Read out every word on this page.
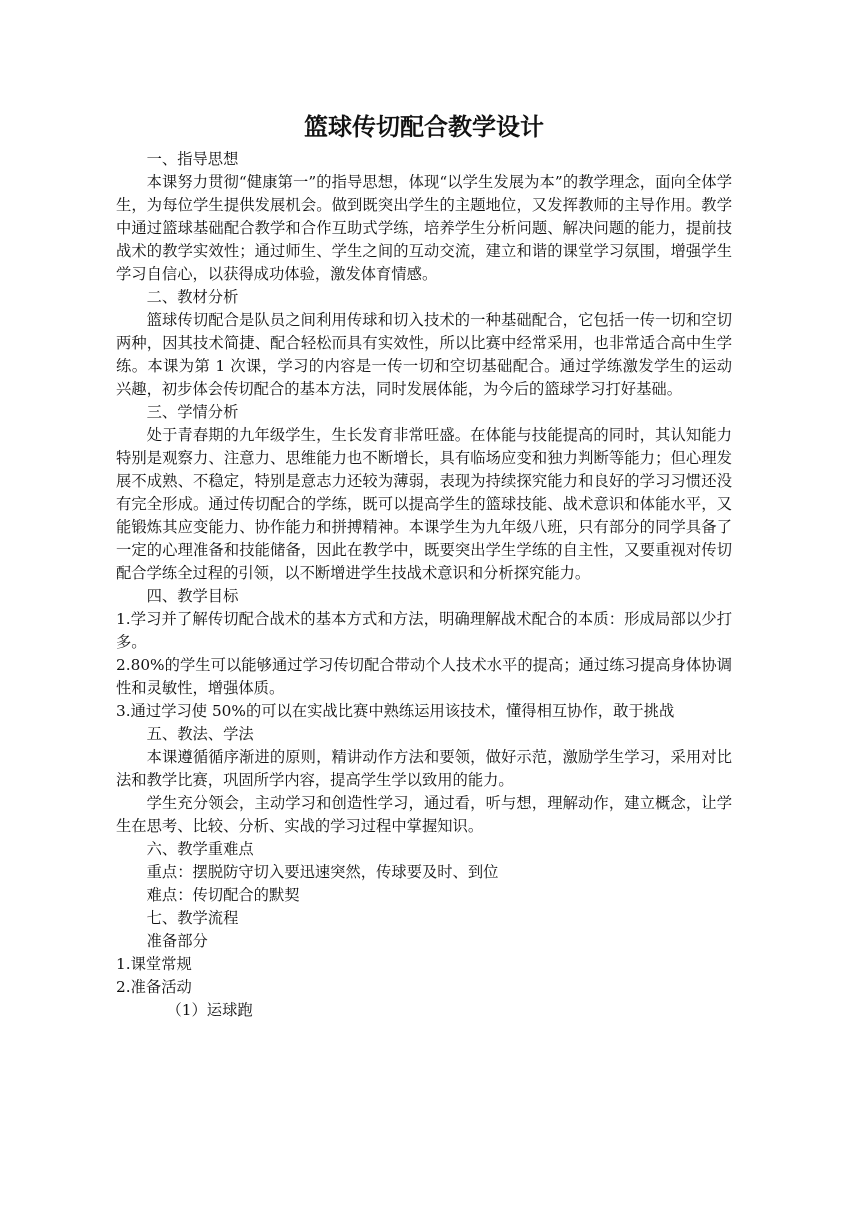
篮球传切配合教学设计

一、指导思想

本课努力贯彻“健康第一”的指导思想，体现“以学生发展为本”的教学理念，面向全体学生，为每位学生提供发展机会。做到既突出学生的主题地位，又发挥教师的主导作用。教学中通过篮球基础配合教学和合作互助式学练，培养学生分析问题、解决问题的能力，提前技战术的教学实效性；通过师生、学生之间的互动交流，建立和谐的课堂学习氛围，增强学生学习自信心，以获得成功体验，激发体育情感。

二、教材分析

篮球传切配合是队员之间利用传球和切入技术的一种基础配合，它包括一传一切和空切两种，因其技术简捷、配合轻松而具有实效性，所以比赛中经常采用，也非常适合高中生学练。本课为第 1 次课，学习的内容是一传一切和空切基础配合。通过学练激发学生的运动兴趣，初步体会传切配合的基本方法，同时发展体能，为今后的篮球学习打好基础。

三、学情分析

处于青春期的九年级学生，生长发育非常旺盛。在体能与技能提高的同时，其认知能力特别是观察力、注意力、思维能力也不断增长，具有临场应变和独力判断等能力；但心理发展不成熟、不稳定，特别是意志力还较为薄弱，表现为持续探究能力和良好的学习习惯还没有完全形成。通过传切配合的学练，既可以提高学生的篮球技能、战术意识和体能水平，又能锻炼其应变能力、协作能力和拼搏精神。本课学生为九年级八班，只有部分的同学具备了一定的心理准备和技能储备，因此在教学中，既要突出学生学练的自主性，又要重视对传切配合学练全过程的引领，以不断增进学生技战术意识和分析探究能力。

四、教学目标

1.学习并了解传切配合战术的基本方式和方法，明确理解战术配合的本质：形成局部以少打多。

2.80%的学生可以能够通过学习传切配合带动个人技术水平的提高；通过练习提高身体协调性和灵敏性，增强体质。

3.通过学习使 50%的可以在实战比赛中熟练运用该技术，懂得相互协作，敢于挑战

五、教法、学法

本课遵循循序渐进的原则，精讲动作方法和要领，做好示范，激励学生学习，采用对比法和教学比赛，巩固所学内容，提高学生学以致用的能力。

学生充分领会，主动学习和创造性学习，通过看，听与想，理解动作，建立概念，让学生在思考、比较、分析、实战的学习过程中掌握知识。

六、教学重难点

重点：摆脱防守切入要迅速突然，传球要及时、到位

难点：传切配合的默契

七、教学流程

准备部分

1.课堂常规

2.准备活动

（1）运球跑
